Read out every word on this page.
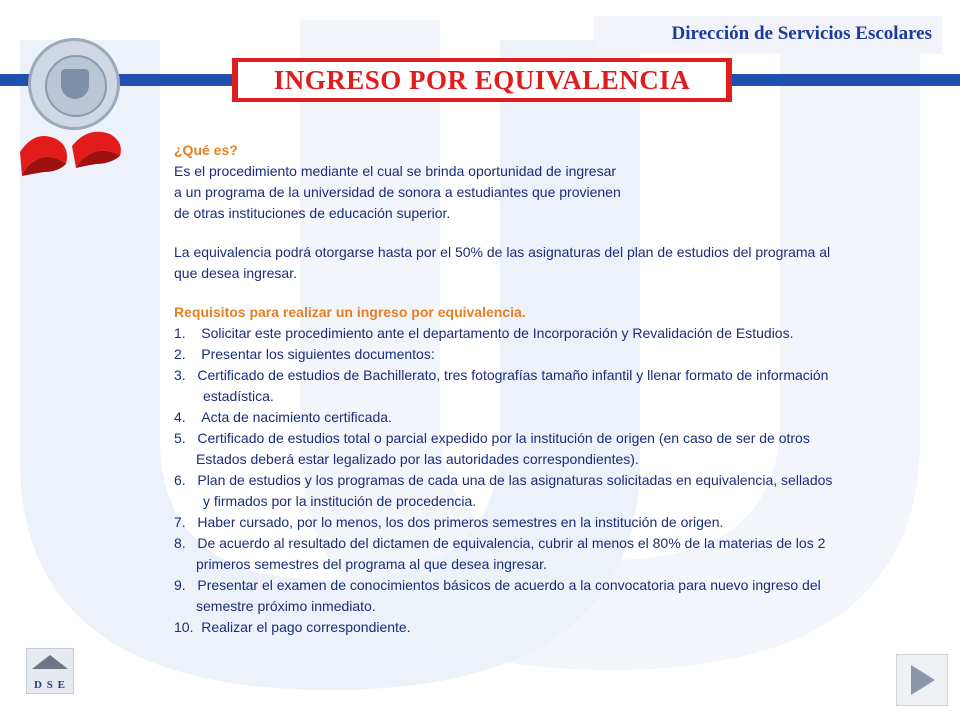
Dirección de Servicios Escolares
INGRESO POR EQUIVALENCIA
¿Qué es?
Es el procedimiento mediante el cual se brinda oportunidad de ingresar
a un programa de la universidad de sonora a estudiantes que provienen
de otras instituciones de educación superior.
La equivalencia podrá otorgarse hasta por el 50% de las asignaturas del plan de estudios del programa al
que desea ingresar.
Requisitos para realizar un ingreso por equivalencia.
1. Solicitar este procedimiento ante el departamento de Incorporación y Revalidación de Estudios.
2. Presentar los siguientes documentos:
3. Certificado de estudios de Bachillerato, tres fotografías tamaño infantil y llenar formato de información
estadística.
4. Acta de nacimiento certificada.
5. Certificado de estudios total o parcial expedido por la institución de origen (en caso de ser de otros
Estados deberá estar legalizado por las autoridades correspondientes).
6. Plan de estudios y los programas de cada una de las asignaturas solicitadas en equivalencia, sellados
y firmados por la institución de procedencia.
7. Haber cursado, por lo menos, los dos primeros semestres en la institución de origen.
8. De acuerdo al resultado del dictamen de equivalencia, cubrir al menos el 80% de la materias de los 2
primeros semestres del programa al que desea ingresar.
9. Presentar el examen de conocimientos básicos de acuerdo a la convocatoria para nuevo ingreso del
semestre próximo inmediato.
10. Realizar el pago correspondiente.
D S E
